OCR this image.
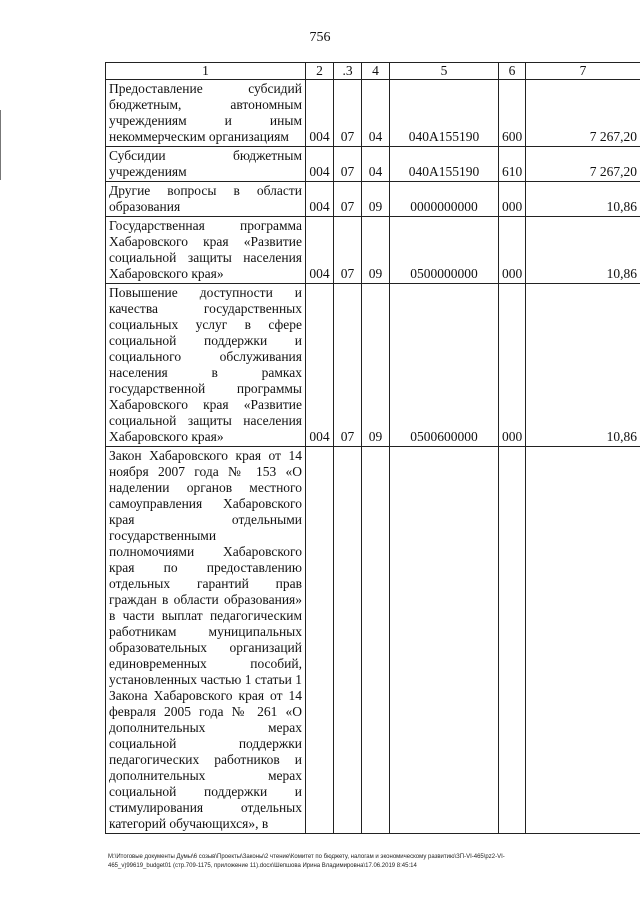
756
1	2	.3	4	5	6	7
Предоставление субсидий бюджетным, автономным учреждениям и иным некоммерческим организациям	004	07	04	040А155190	600	7 267,20
Субсидии бюджетным учреждениям	004	07	04	040А155190	610	7 267,20
Другие вопросы в области образования	004	07	09	0000000000	000	10,86
Государственная программа Хабаровского края «Развитие социальной защиты населения Хабаровского края»	004	07	09	0500000000	000	10,86
Повышение доступности и качества государственных социальных услуг в сфере социальной поддержки и социального обслуживания населения в рамках государственной программы Хабаровского края «Развитие социальной защиты населения Хабаровского края»	004	07	09	0500600000	000	10,86
Закон Хабаровского края от 14 ноября 2007 года № 153 «О наделении органов местного самоуправления Хабаровского края отдельными государственными полномочиями Хабаровского края по предоставлению отдельных гарантий прав граждан в области образования» в части выплат педагогическим работникам муниципальных образовательных организаций единовременных пособий, установленных частью 1 статьи 1 Закона Хабаровского края от 14 февраля 2005 года № 261 «О дополнительных мерах социальной поддержки педагогических работников и дополнительных мерах социальной поддержки и стимулирования отдельных категорий обучающихся», в						
М:\Итоговые документы Думы\6 созыв\Проекты\Законы\2 чтение\Комитет по бюджету, налогам и экономическому развитию\ЗП-VI-465\pz2-VI-
465_v)99619_budget01 (стр.709-1175, приложение 11).docx\Шепшова Ирина Владимировна\17.06.2019 8:45:14
